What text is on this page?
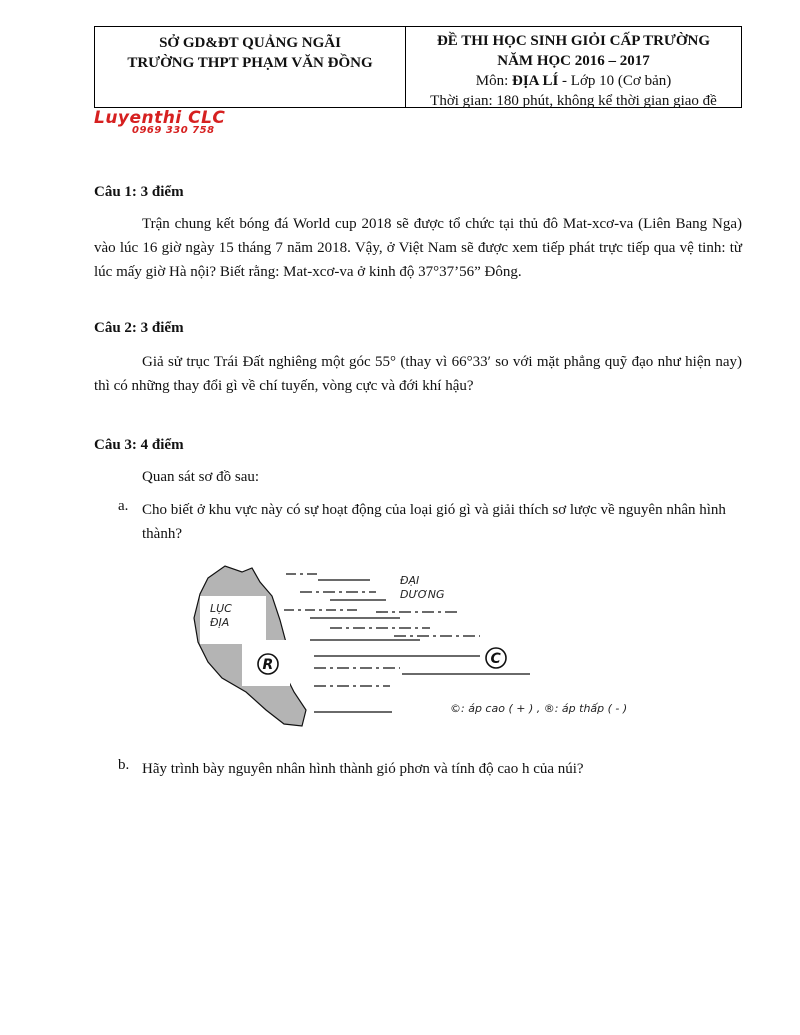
SỞ GD&ĐT QUẢNG NGÃI
TRƯỜNG THPT PHẠM VĂN ĐỒNG
ĐỀ THI HỌC SINH GIỎI CẤP TRƯỜNG
NĂM HỌC 2016 – 2017
Môn: ĐỊA LÍ - Lớp 10 (Cơ bản)
Thời gian: 180 phút, không kể thời gian giao đề
Luyenthi CLC
0969 330 758
Câu 1: 3 điểm
Trận chung kết bóng đá World cup 2018 sẽ được tổ chức tại thủ đô Mat-xcơ-va (Liên Bang Nga) vào lúc 16 giờ ngày 15 tháng 7 năm 2018. Vậy, ở Việt Nam sẽ được xem tiếp phát trực tiếp qua vệ tinh: từ lúc mấy giờ Hà nội? Biết rằng: Mat-xcơ-va ở kinh độ 37°37’56” Đông.
Câu 2: 3 điểm
Giả sử trục Trái Đất nghiêng một góc 55° (thay vì 66°33′ so với mặt phẳng quỹ đạo như hiện nay) thì có những thay đổi gì về chí tuyến, vòng cực và đới khí hậu?
Câu 3: 4 điểm
Quan sát sơ đồ sau:
a. Cho biết ở khu vực này có sự hoạt động của loại gió gì và giải thích sơ lược về nguyên nhân hình thành?
LỤC
ĐỊA
R
ĐẠI
DƯƠNG
C
©: áp cao ( + ) , ®: áp thấp ( - )
b. Hãy trình bày nguyên nhân hình thành gió phơn và tính độ cao h của núi?
